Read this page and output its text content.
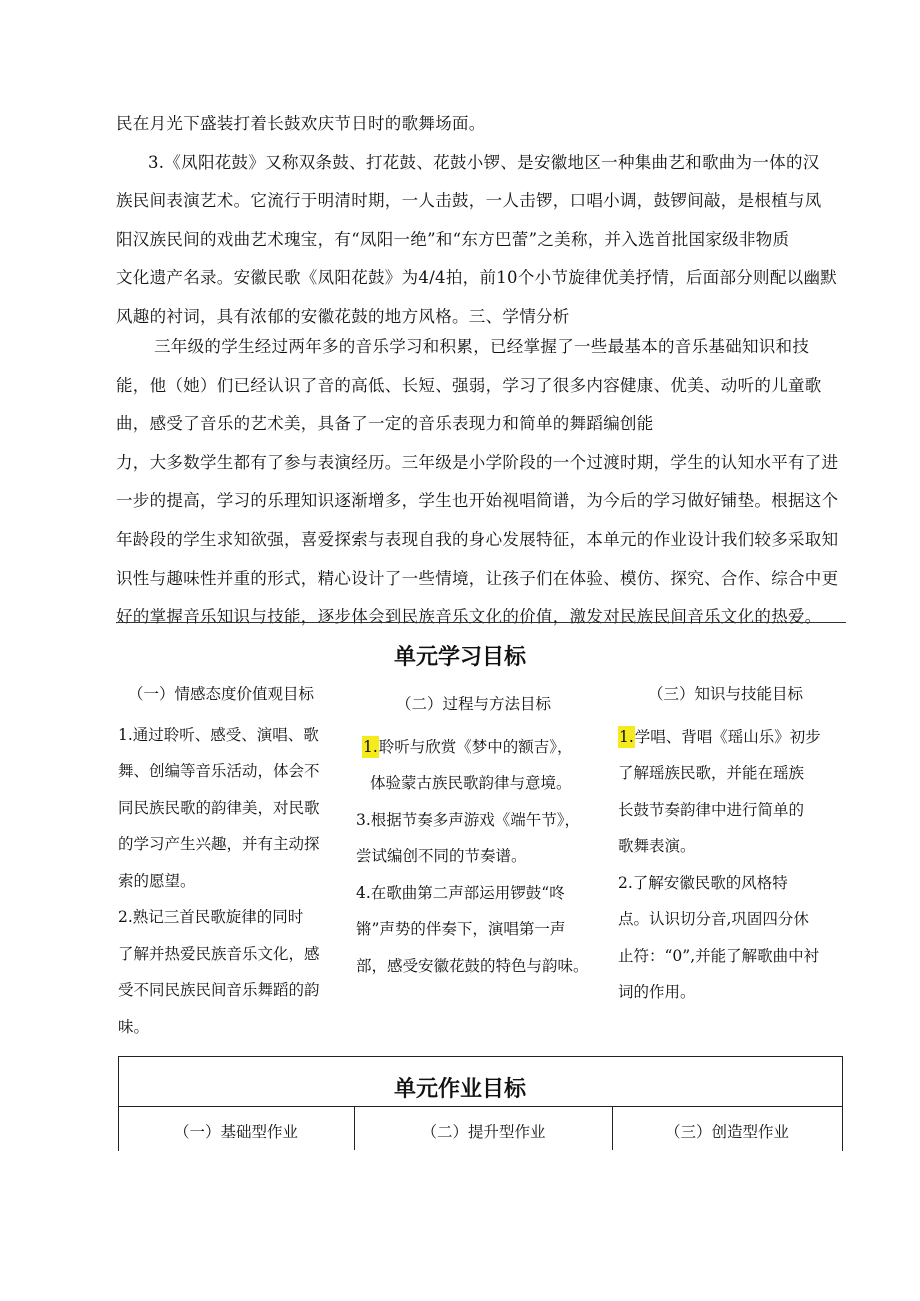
民在月光下盛装打着长鼓欢庆节日时的歌舞场面。
3.《凤阳花鼓》又称双条鼓、打花鼓、花鼓小锣、是安徽地区一种集曲艺和歌曲为一体的汉
族民间表演艺术。它流行于明清时期，一人击鼓，一人击锣，口唱小调，鼓锣间敲，是根植与凤
阳汉族民间的戏曲艺术瑰宝，有“凤阳一绝”和“东方巴蕾”之美称，并入选首批国家级非物质
文化遗产名录。安徽民歌《凤阳花鼓》为4/4拍，前10个小节旋律优美抒情，后面部分则配以幽默
风趣的衬词，具有浓郁的安徽花鼓的地方风格。三、学情分析
三年级的学生经过两年多的音乐学习和积累，已经掌握了一些最基本的音乐基础知识和技
能，他（她）们已经认识了音的高低、长短、强弱，学习了很多内容健康、优美、动听的儿童歌
曲，感受了音乐的艺术美，具备了一定的音乐表现力和简单的舞蹈编创能
力，大多数学生都有了参与表演经历。三年级是小学阶段的一个过渡时期，学生的认知水平有了进
一步的提高，学习的乐理知识逐渐增多，学生也开始视唱简谱，为今后的学习做好铺垫。根据这个
年龄段的学生求知欲强，喜爱探索与表现自我的身心发展特征，本单元的作业设计我们较多采取知
识性与趣味性并重的形式，精心设计了一些情境，让孩子们在体验、模仿、探究、合作、综合中更
好的掌握音乐知识与技能，逐步体会到民族音乐文化的价值，激发对民族民间音乐文化的热爱。
单元学习目标
（一）情感态度价值观目标
1.通过聆听、感受、演唱、歌
舞、创编等音乐活动，体会不
同民族民歌的韵律美，对民歌
的学习产生兴趣，并有主动探
索的愿望。
2.熟记三首民歌旋律的同时
了解并热爱民族音乐文化，感
受不同民族民间音乐舞蹈的韵
味。
（二）过程与方法目标
1.聆听与欣赏《梦中的额吉》，
体验蒙古族民歌韵律与意境。
3.根据节奏多声游戏《端午节》，
尝试编创不同的节奏谱。
4.在歌曲第二声部运用锣鼓“咚
锵”声势的伴奏下，演唱第一声
部，感受安徽花鼓的特色与韵味。
（三）知识与技能目标
1.学唱、背唱《瑶山乐》初步
了解瑶族民歌，并能在瑶族
长鼓节奏韵律中进行简单的
歌舞表演。
2.了解安徽民歌的风格特
点。认识切分音,巩固四分休
止符：“0”,并能了解歌曲中衬
词的作用。
单元作业目标
（一）基础型作业	（二）提升型作业	（三）创造型作业
